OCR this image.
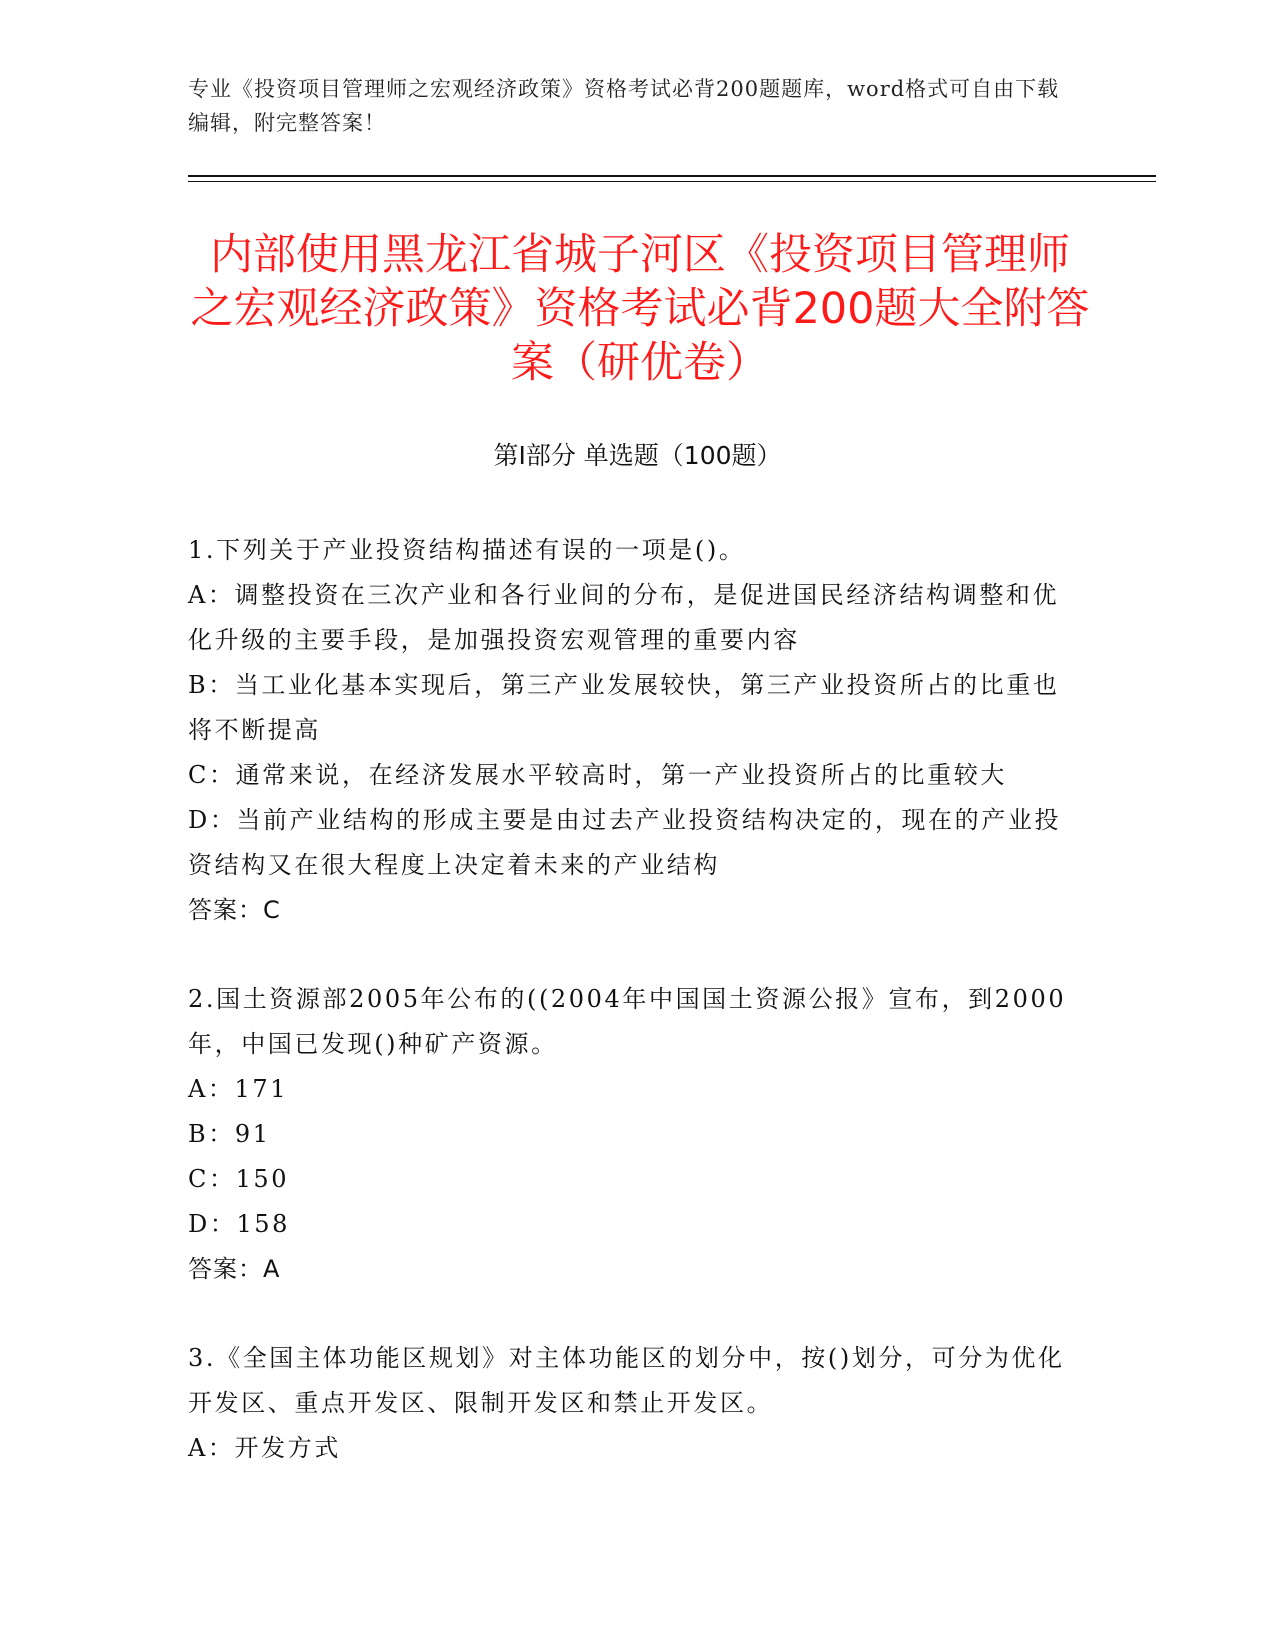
专业《投资项目管理师之宏观经济政策》资格考试必背200题题库，word格式可自由下载编辑，附完整答案！
内部使用黑龙江省城子河区《投资项目管理师之宏观经济政策》资格考试必背200题大全附答案（研优卷）
第Ⅰ部分 单选题（100题）

1.下列关于产业投资结构描述有误的一项是()。

A：调整投资在三次产业和各行业间的分布，是促进国民经济结构调整和优化升级的主要手段，是加强投资宏观管理的重要内容

B：当工业化基本实现后，第三产业发展较快，第三产业投资所占的比重也将不断提高

C：通常来说，在经济发展水平较高时，第一产业投资所占的比重较大

D：当前产业结构的形成主要是由过去产业投资结构决定的，现在的产业投资结构又在很大程度上决定着未来的产业结构

答案：C

2.国土资源部2005年公布的((2004年中国国土资源公报》宣布，到2000年，中国已发现()种矿产资源。

A：171

B：91

C：150

D：158

答案：A

3.《全国主体功能区规划》对主体功能区的划分中，按()划分，可分为优化开发区、重点开发区、限制开发区和禁止开发区。

A：开发方式
